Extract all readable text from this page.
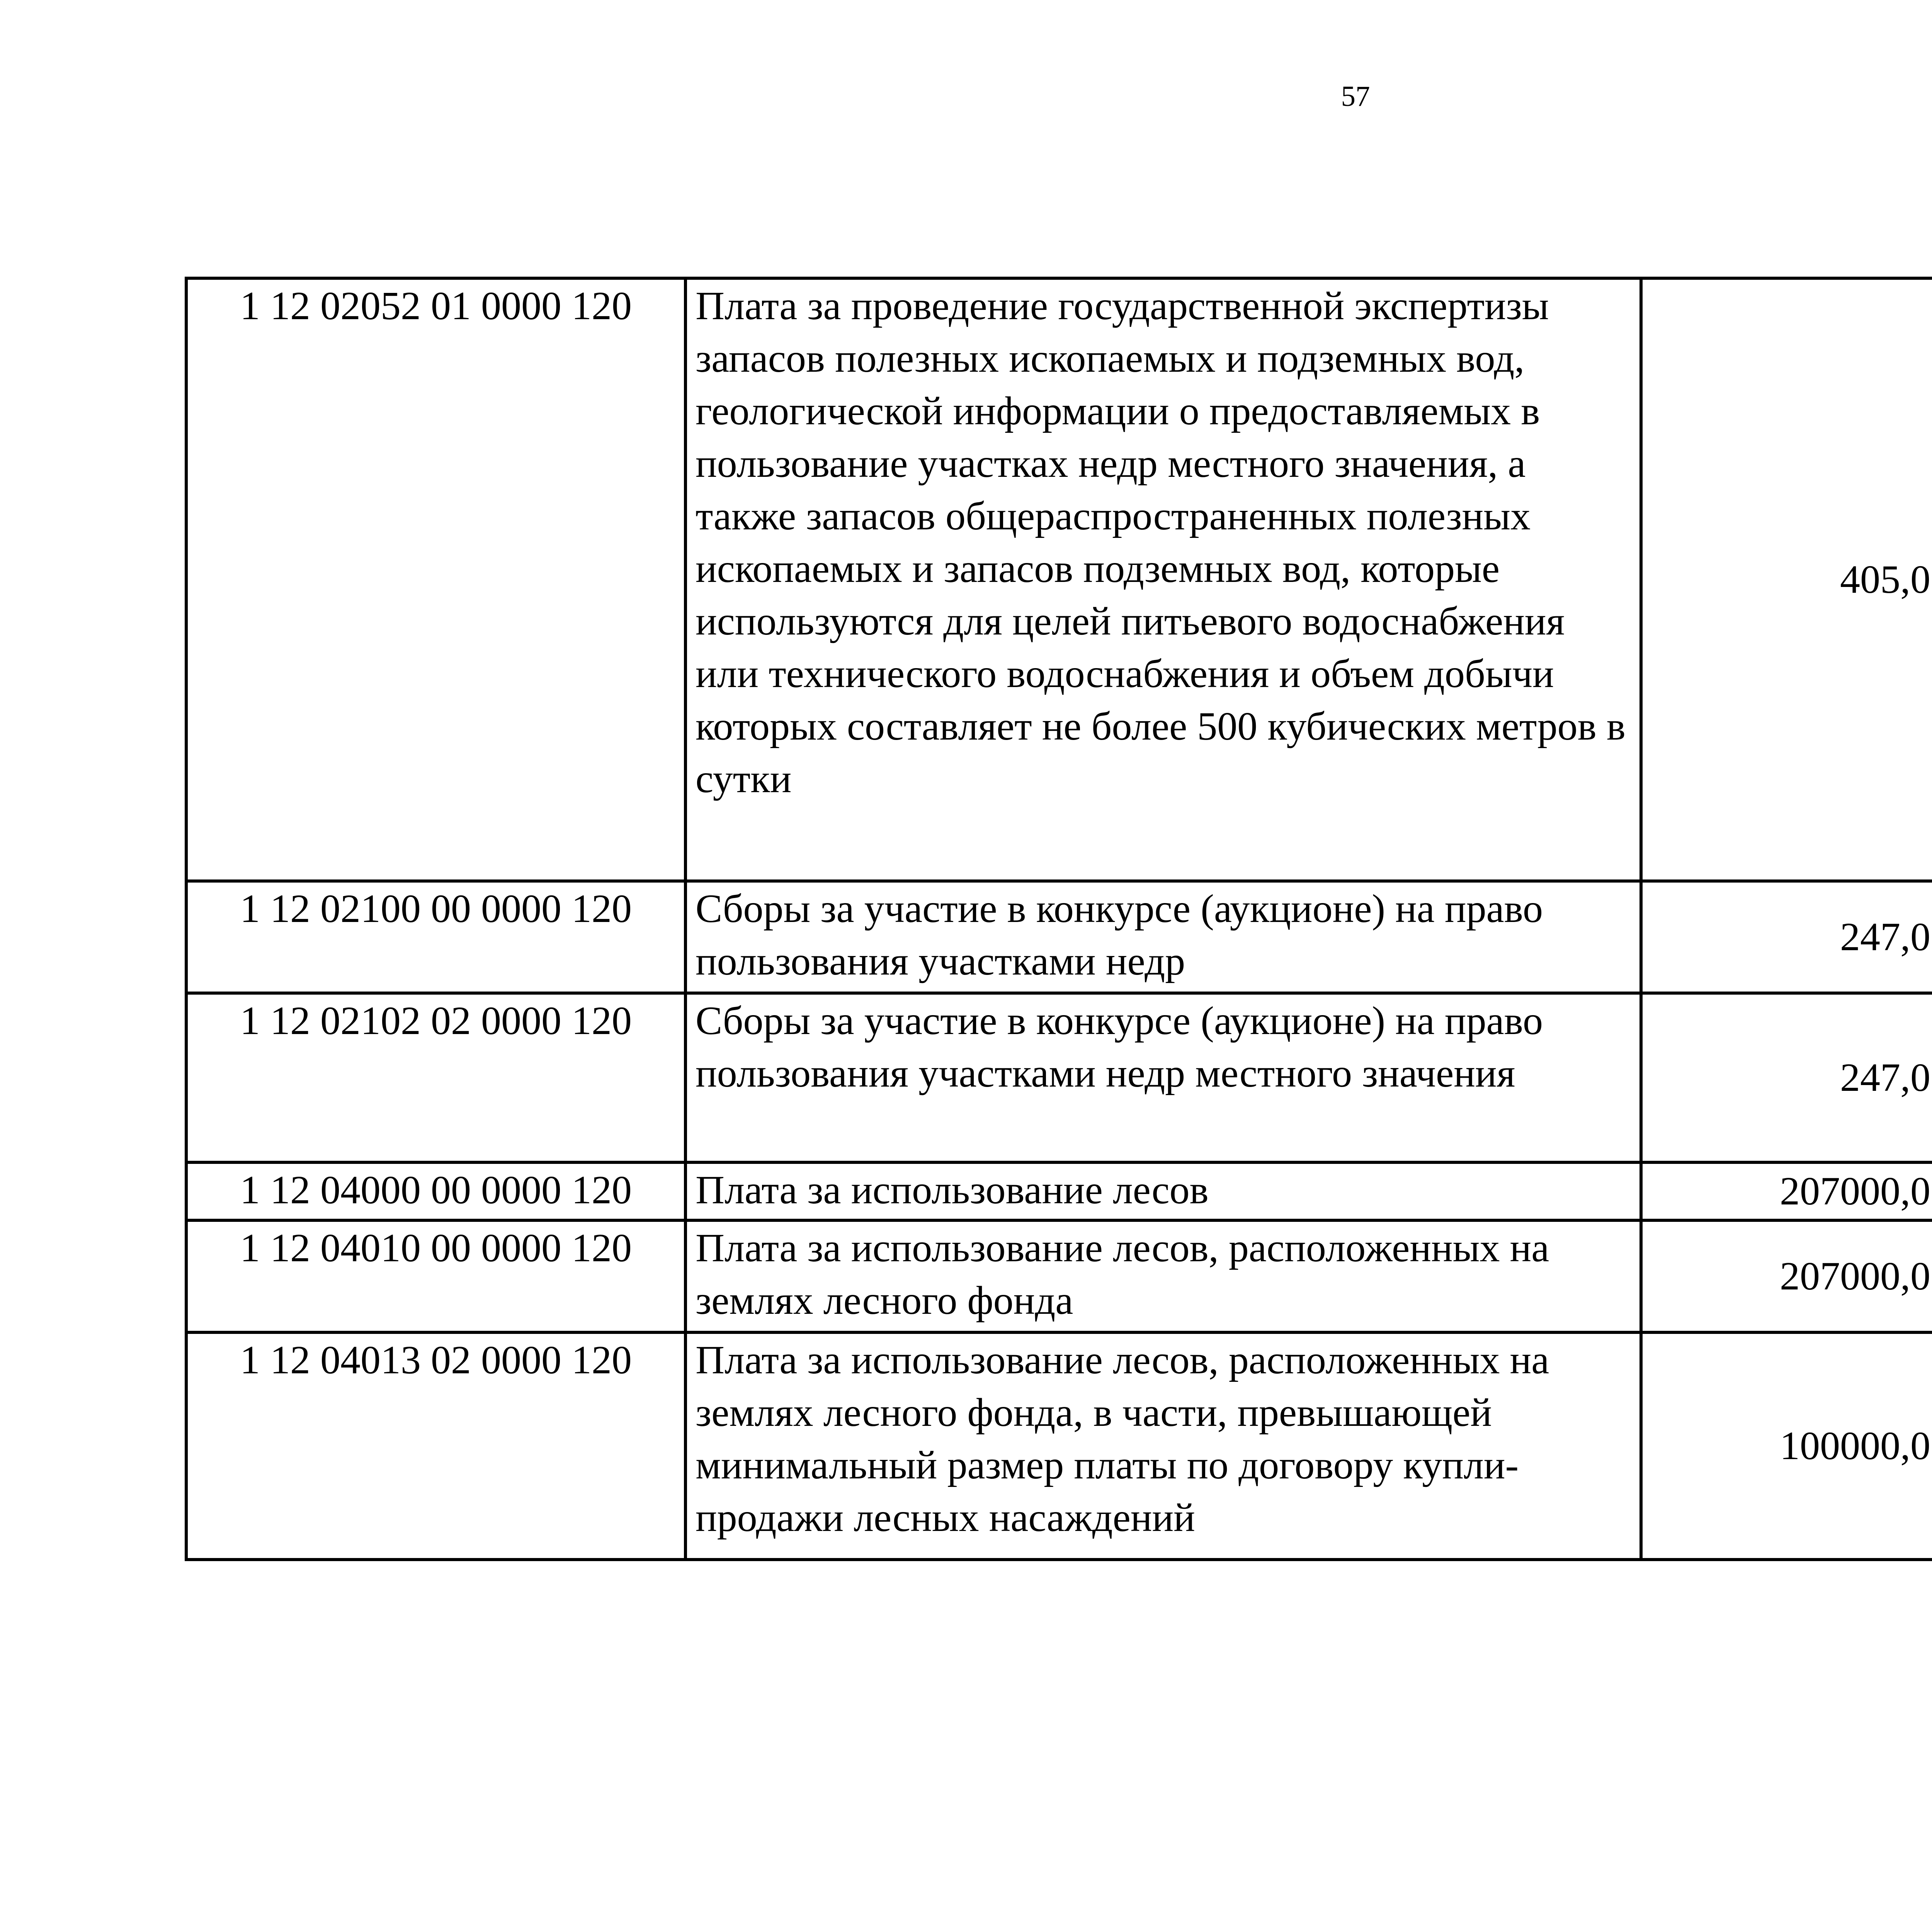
57
1 12 02052 01 0000 120	Плата за проведение государственной экспертизы запасов полезных ископаемых и подземных вод, геологической информации о предоставляемых в пользование участках недр местного значения, а также запасов общераспространенных полезных ископаемых и запасов подземных вод, которые используются для целей питьевого водоснабжения или технического водоснабжения и объем добычи которых составляет не более 500 кубических метров в сутки	405,0		
1 12 02100 00 0000 120	Сборы за участие в конкурсе (аукционе) на право пользования участками недр	247,0		
1 12 02102 02 0000 120	Сборы за участие в конкурсе (аукционе) на право пользования участками недр местного значения	247,0		
1 12 04000 00 0000 120	Плата за использование лесов	207000,0		
1 12 04010 00 0000 120	Плата за использование лесов, расположенных на землях лесного фонда	207000,0		
1 12 04013 02 0000 120	Плата за использование лесов, расположенных на землях лесного фонда, в части, превышающей минимальный размер платы по договору купли-продажи лесных насаждений	100000,0		
